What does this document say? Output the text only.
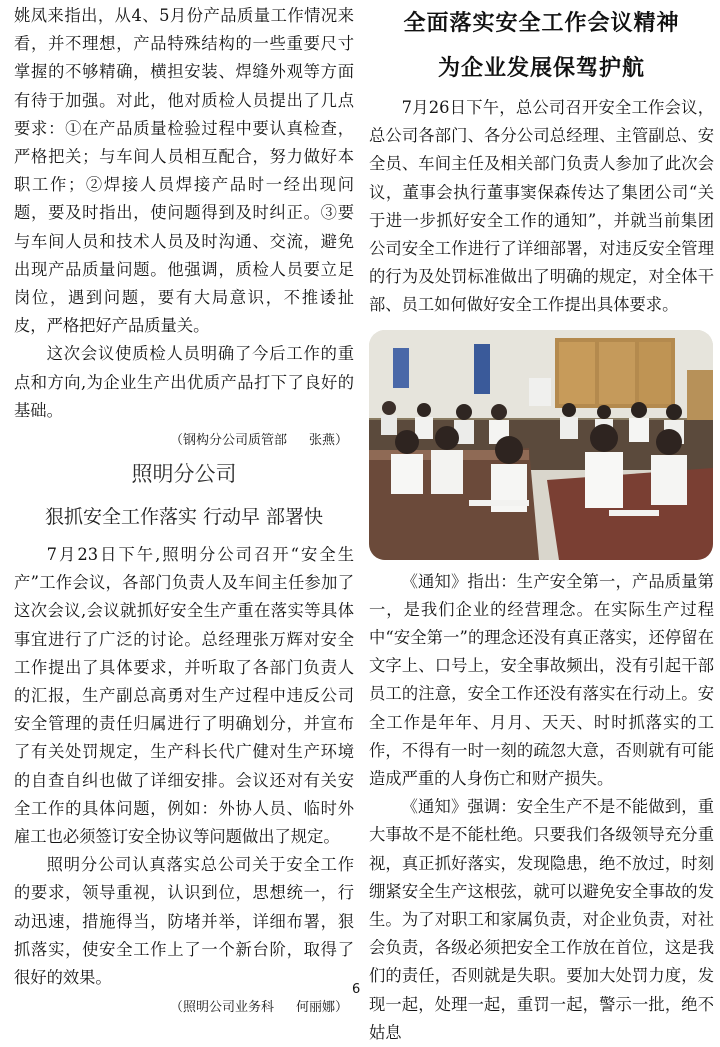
姚凤来指出，从4、5月份产品质量工作情况来看，并不理想，产品特殊结构的一些重要尺寸掌握的不够精确，横担安装、焊缝外观等方面有待于加强。对此，他对质检人员提出了几点要求：①在产品质量检验过程中要认真检查，严格把关；与车间人员相互配合，努力做好本职工作；②焊接人员焊接产品时一经出现问题，要及时指出，使问题得到及时纠正。③要与车间人员和技术人员及时沟通、交流，避免出现产品质量问题。他强调，质检人员要立足岗位，遇到问题，要有大局意识，不推诿扯皮，严格把好产品质量关。

这次会议使质检人员明确了今后工作的重点和方向,为企业生产出优质产品打下了良好的基础。

（钢构分公司质管部 张燕）

照明分公司
狠抓安全工作落实 行动早 部署快

7月23日下午,照明分公司召开“安全生产”工作会议，各部门负责人及车间主任参加了这次会议,会议就抓好安全生产重在落实等具体事宜进行了广泛的讨论。总经理张万辉对安全工作提出了具体要求，并听取了各部门负责人的汇报，生产副总高勇对生产过程中违反公司安全管理的责任归属进行了明确划分，并宣布了有关处罚规定，生产科长代广健对生产环境的自查自纠也做了详细安排。会议还对有关安全工作的具体问题，例如：外协人员、临时外雇工也必须签订安全协议等问题做出了规定。

照明分公司认真落实总公司关于安全工作的要求，领导重视，认识到位，思想统一，行动迅速，措施得当，防堵并举，详细布署，狠抓落实，使安全工作上了一个新台阶，取得了很好的效果。

（照明公司业务科 何丽娜）

全面落实安全工作会议精神
为企业发展保驾护航

7月26日下午，总公司召开安全工作会议，总公司各部门、各分公司总经理、主管副总、安全员、车间主任及相关部门负责人参加了此次会议，董事会执行董事窦保森传达了集团公司“关于进一步抓好安全工作的通知”，并就当前集团公司安全工作进行了详细部署，对违反安全管理的行为及处罚标准做出了明确的规定，对全体干部、员工如何做好安全工作提出具体要求。

《通知》指出：生产安全第一，产品质量第一，是我们企业的经营理念。在实际生产过程中“安全第一”的理念还没有真正落实，还停留在文字上、口号上，安全事故频出，没有引起干部员工的注意，安全工作还没有落实在行动上。安全工作是年年、月月、天天、时时抓落实的工作，不得有一时一刻的疏忽大意，否则就有可能造成严重的人身伤亡和财产损失。

《通知》强调：安全生产不是不能做到，重大事故不是不能杜绝。只要我们各级领导充分重视，真正抓好落实，发现隐患，绝不放过，时刻绷紧安全生产这根弦，就可以避免安全事故的发生。为了对职工和家属负责，对企业负责，对社会负责，各级必须把安全工作放在首位，这是我们的责任，否则就是失职。要加大处罚力度，发现一起，处理一起，重罚一起，警示一批，绝不姑息

6
